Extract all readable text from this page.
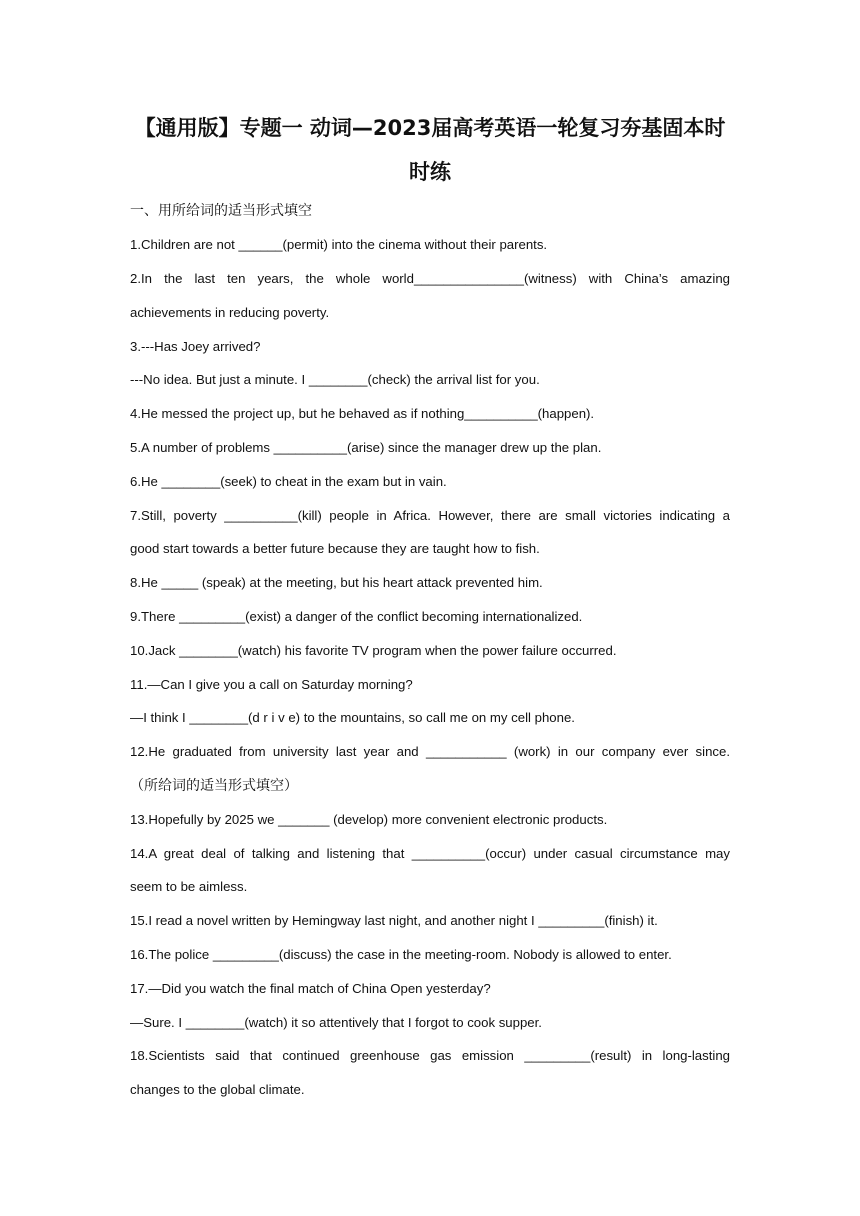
【通用版】专题一 动词—2023届高考英语一轮复习夯基固本时
时练
一、用所给词的适当形式填空
1.Children are not ______(permit) into the cinema without their parents.
2.In the last ten years, the whole world_______________(witness) with China’s amazing
achievements in reducing poverty.
3.---Has Joey arrived?
---No idea. But just a minute. I ________(check) the arrival list for you.
4.He messed the project up, but he behaved as if nothing__________(happen).
5.A number of problems __________(arise) since the manager drew up the plan.
6.He ________(seek) to cheat in the exam but in vain.
7.Still, poverty __________(kill) people in Africa. However, there are small victories indicating a
good start towards a better future because they are taught how to fish.
8.He _____ (speak) at the meeting, but his heart attack prevented him.
9.There _________(exist) a danger of the conflict becoming internationalized.
10.Jack ________(watch) his favorite TV program when the power failure occurred.
11.—Can I give you a call on Saturday morning?
—I think I ________(d r i v e) to the mountains, so call me on my cell phone.
12.He graduated from university last year and ___________ (work) in our company ever since.
（所给词的适当形式填空）
13.Hopefully by 2025 we _______ (develop) more convenient electronic products.
14.A great deal of talking and listening that __________(occur) under casual circumstance may
seem to be aimless.
15.I read a novel written by Hemingway last night, and another night I _________(finish) it.
16.The police _________(discuss) the case in the meeting-room. Nobody is allowed to enter.
17.—Did you watch the final match of China Open yesterday?
—Sure. I ________(watch) it so attentively that I forgot to cook supper.
18.Scientists said that continued greenhouse gas emission _________(result) in long-lasting
changes to the global climate.
